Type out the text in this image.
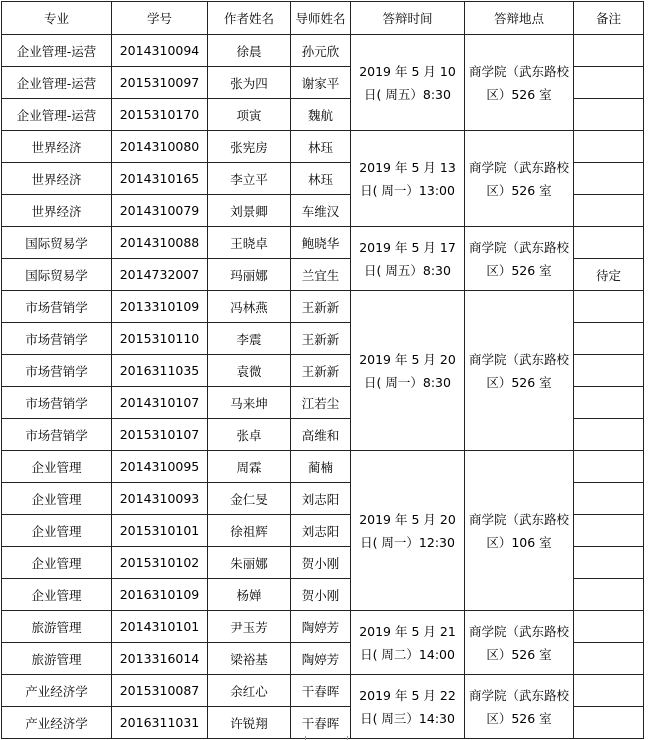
专业	学号	作者姓名	导师姓名	答辩时间	答辩地点	备注
企业管理-运营	2014310094	徐晨	孙元欣	2019 年 5 月 10 日( 周五）8:30	商学院（武东路校区）526 室	
企业管理-运营	2015310097	张为四	谢家平			
企业管理-运营	2015310170	项寅	魏航			
世界经济	2014310080	张宪房	林珏	2019 年 5 月 13 日( 周一）13:00	商学院（武东路校区）526 室	
世界经济	2014310165	李立平	林珏			
世界经济	2014310079	刘景卿	车维汉			
国际贸易学	2014310088	王晓卓	鲍晓华	2019 年 5 月 17 日( 周五）8:30	商学院（武东路校区）526 室	
国际贸易学	2014732007	玛丽娜	兰宜生			待定
市场营销学	2013310109	冯林燕	王新新	2019 年 5 月 20 日( 周一）8:30	商学院（武东路校区）526 室	
市场营销学	2015310110	李震	王新新			
市场营销学	2016311035	袁微	王新新			
市场营销学	2014310107	马来坤	江若尘			
市场营销学	2015310107	张卓	高维和			
企业管理	2014310095	周霖	蔺楠	2019 年 5 月 20 日( 周一）12:30	商学院（武东路校区）106 室	
企业管理	2014310093	金仁旻	刘志阳			
企业管理	2015310101	徐祖辉	刘志阳			
企业管理	2015310102	朱丽娜	贺小刚			
企业管理	2016310109	杨婵	贺小刚			
旅游管理	2014310101	尹玉芳	陶婷芳	2019 年 5 月 21 日( 周二）14:00	商学院（武东路校区）526 室	
旅游管理	2013316014	梁裕基	陶婷芳			
产业经济学	2015310087	余红心	干春晖	2019 年 5 月 22 日( 周三）14:30	商学院（武东路校区）526 室	
产业经济学	2016311031	许锐翔	干春晖			
